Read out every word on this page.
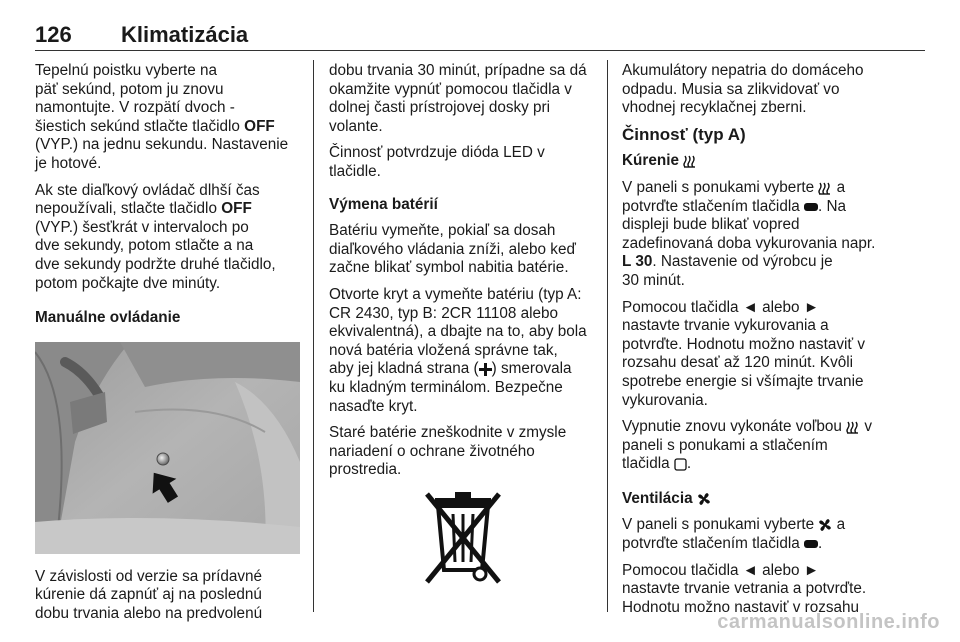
126 Klimatizácia

Tepelnú poistku vyberte na
päť sekúnd, potom ju znovu
namontujte. V rozpätí dvoch -
šiestich sekúnd stlačte tlačidlo OFF
(VYP.) na jednu sekundu. Nastavenie
je hotové.

Ak ste diaľkový ovládač dlhší čas
nepoužívali, stlačte tlačidlo OFF
(VYP.) šesťkrát v intervaloch po
dve sekundy, potom stlačte a na
dve sekundy podržte druhé tlačidlo,
potom počkajte dve minúty.

Manuálne ovládanie

V závislosti od verzie sa prídavné
kúrenie dá zapnúť aj na poslednú
dobu trvania alebo na predvolenú

dobu trvania 30 minút, prípadne sa dá
okamžite vypnúť pomocou tlačidla v
dolnej časti prístrojovej dosky pri
volante.

Činnosť potvrdzuje dióda LED v
tlačidle.

Výmena batérií

Batériu vymeňte, pokiaľ sa dosah
diaľkového vládania zníži, alebo keď
začne blikať symbol nabitia batérie.

Otvorte kryt a vymeňte batériu (typ A:
CR 2430, typ B: 2CR 11108 alebo
ekvivalentná), a dbajte na to, aby bola
nová batéria vložená správne tak,
aby jej kladná strana ( ) smerovala
ku kladným terminálom. Bezpečne
nasaďte kryt.

Staré batérie zneškodnite v zmysle
nariadení o ochrane životného
prostredia.

Akumulátory nepatria do domáceho
odpadu. Musia sa zlikvidovať vo
vhodnej recyklačnej zberni.

Činnosť (typ A)

Kúrenie

V paneli s ponukami vyberte  a
potvrďte stlačením tlačidla . Na
displeji bude blikať vopred
zadefinovaná doba vykurovania napr.
L 30. Nastavenie od výrobcu je
30 minút.

Pomocou tlačidla ◄ alebo ►
nastavte trvanie vykurovania a
potvrďte. Hodnotu možno nastaviť v
rozsahu desať až 120 minút. Kvôli
spotrebe energie si všímajte trvanie
vykurovania.

Vypnutie znovu vykonáte voľbou  v
paneli s ponukami a stlačením
tlačidla .

Ventilácia

V paneli s ponukami vyberte  a
potvrďte stlačením tlačidla .

Pomocou tlačidla ◄ alebo ►
nastavte trvanie vetrania a potvrďte.
Hodnotu možno nastaviť v rozsahu

carmanualsonline.info
